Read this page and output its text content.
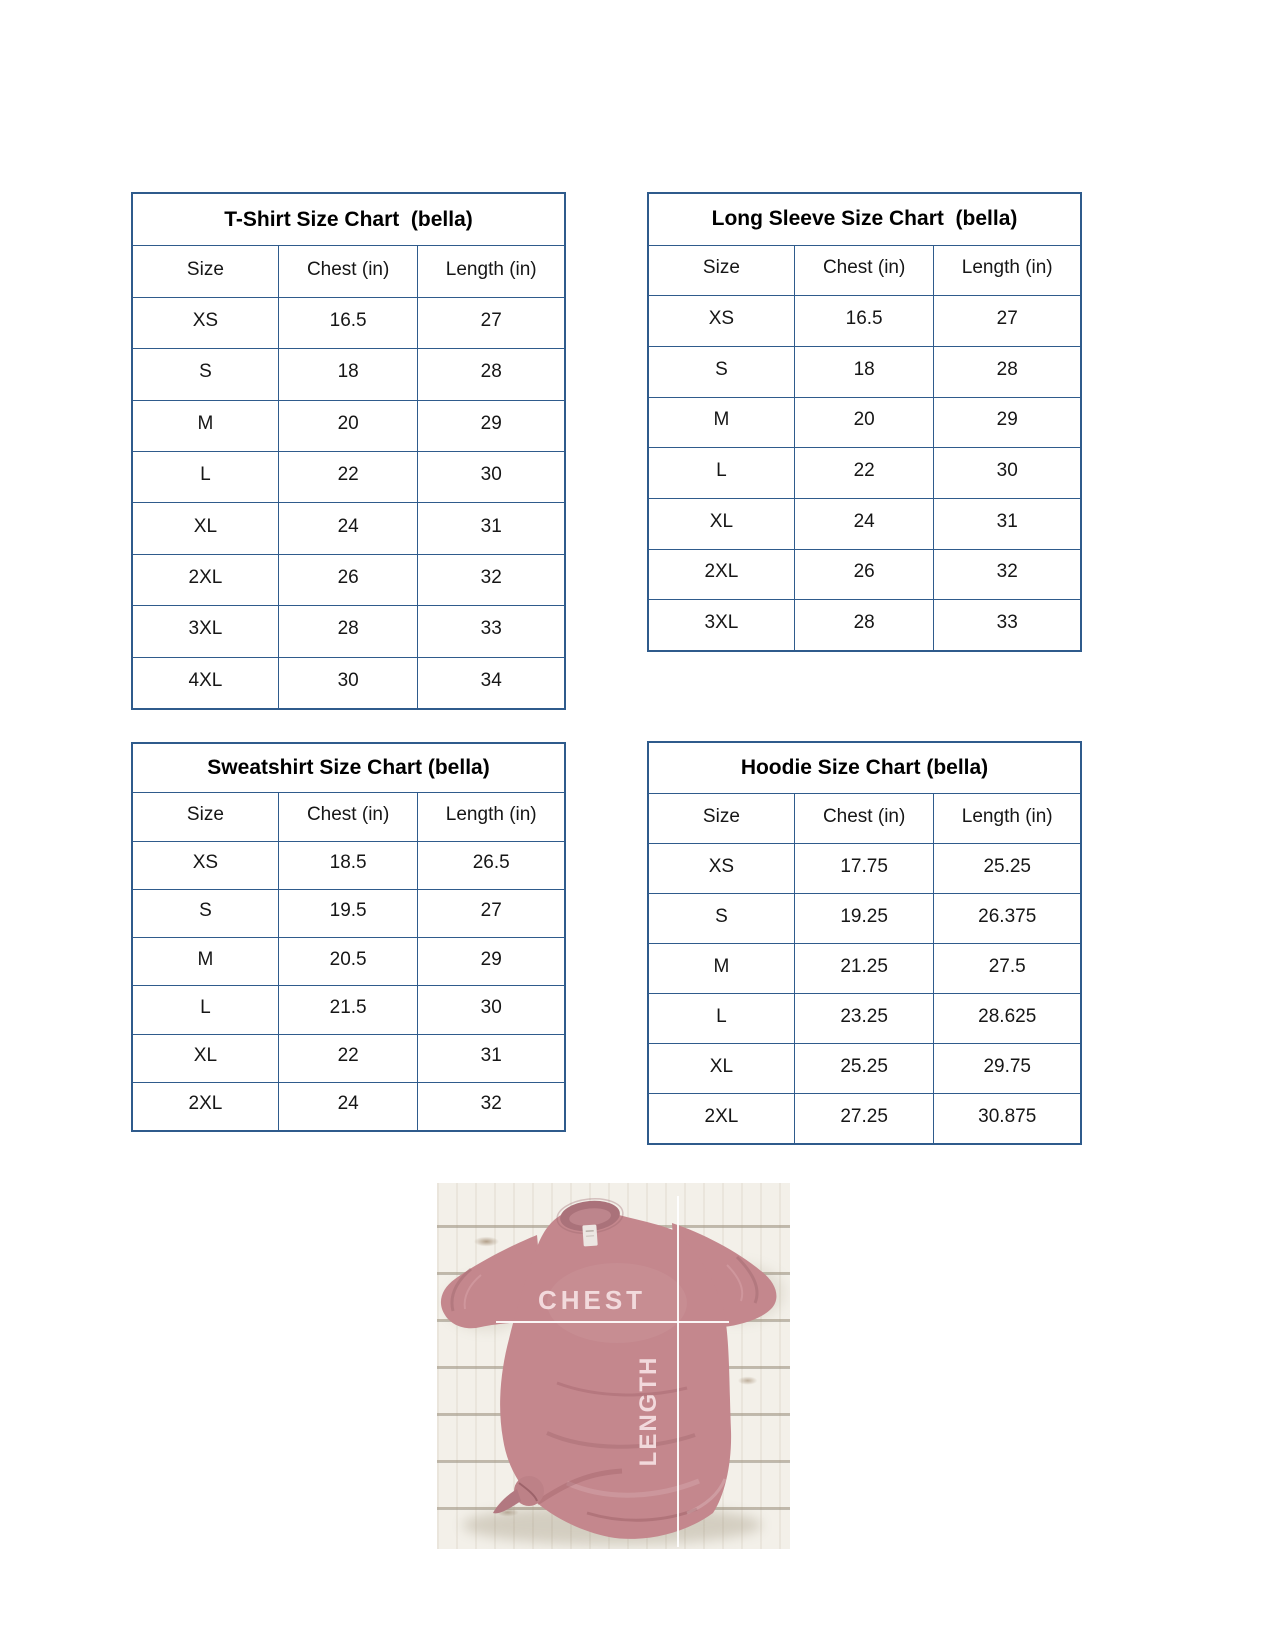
T-Shirt Size Chart  (bella)
Size	Chest (in)	Length (in)
XS	16.5	27
S	18	28
M	20	29
L	22	30
XL	24	31
2XL	26	32
3XL	28	33
4XL	30	34
Long Sleeve Size Chart  (bella)
Size	Chest (in)	Length (in)
XS	16.5	27
S	18	28
M	20	29
L	22	30
XL	24	31
2XL	26	32
3XL	28	33
Sweatshirt Size Chart (bella)
Size	Chest (in)	Length (in)
XS	18.5	26.5
S	19.5	27
M	20.5	29
L	21.5	30
XL	22	31
2XL	24	32
Hoodie Size Chart (bella)
Size	Chest (in)	Length (in)
XS	17.75	25.25
S	19.25	26.375
M	21.25	27.5
L	23.25	28.625
XL	25.25	29.75
2XL	27.25	30.875
CHEST
LENGTH
